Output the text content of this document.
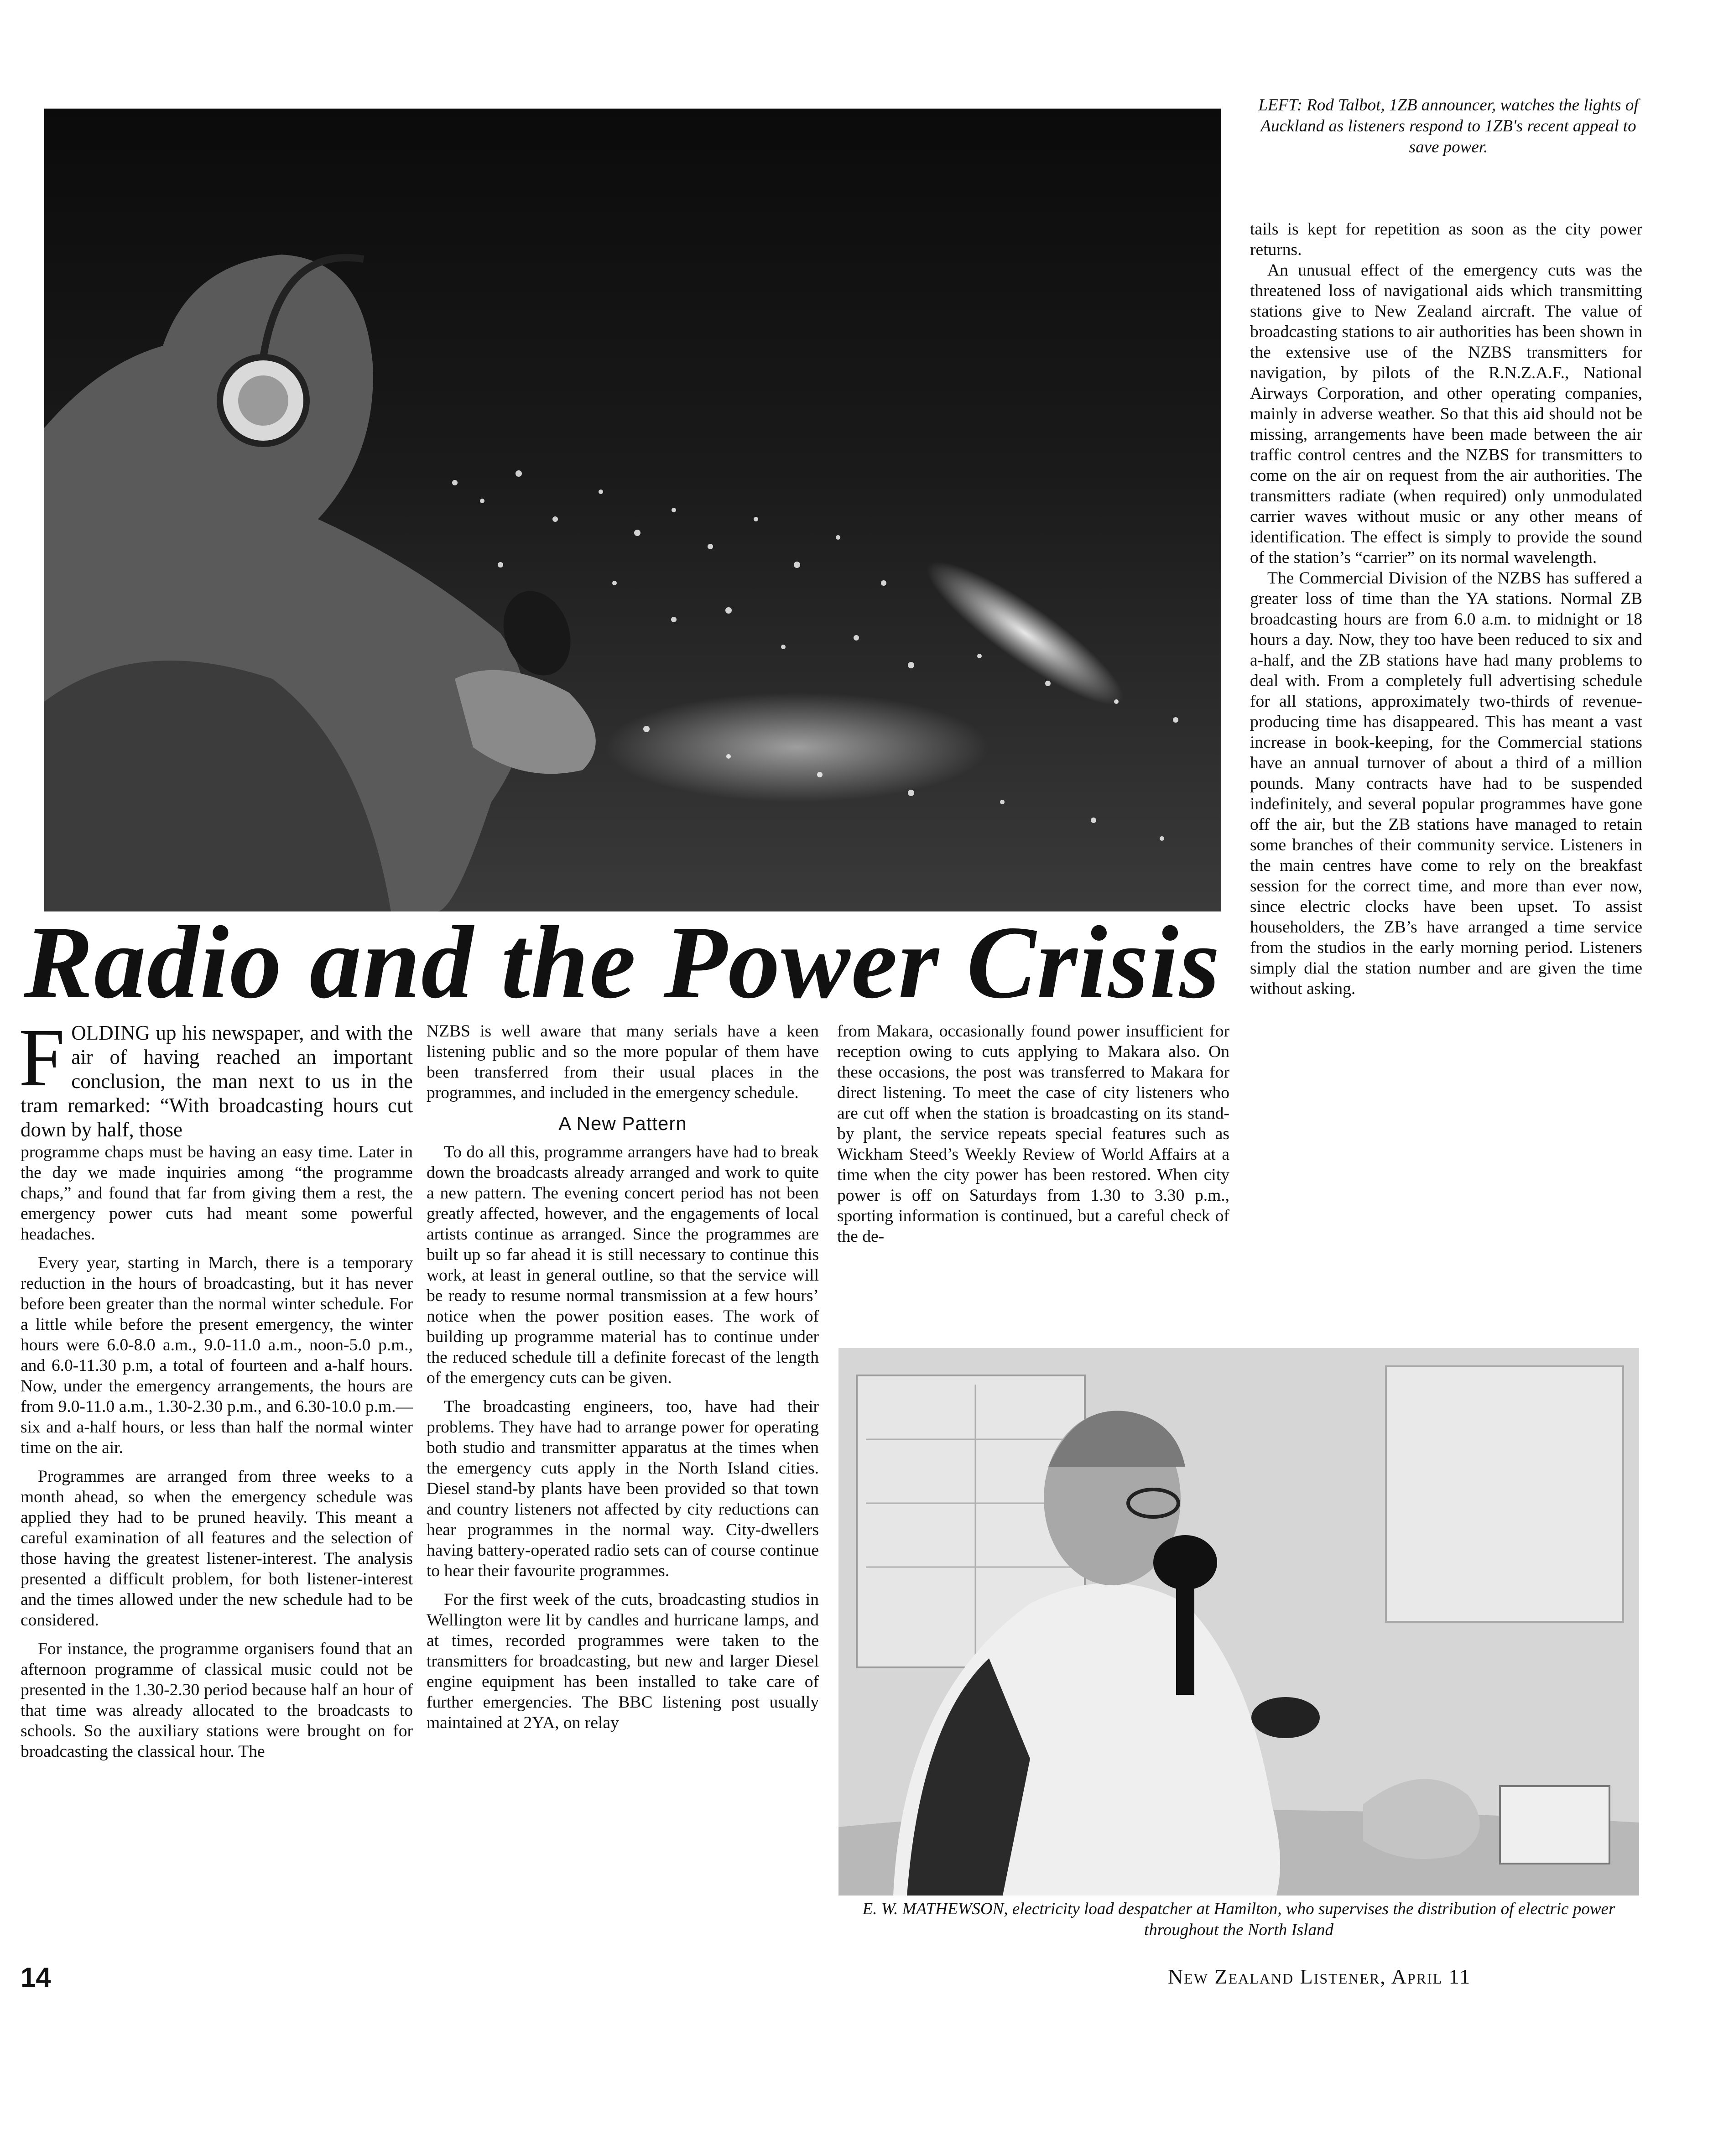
LEFT: Rod Talbot, 1ZB announcer, watches the lights of Auckland as listeners respond to 1ZB's recent appeal to save power.
Radio and the Power Crisis

FOLDING up his newspaper, and with the air of having reached an important conclusion, the man next to us in the tram remarked: “With broadcasting hours cut down by half, those

programme chaps must be having an easy time. Later in the day we made inquiries among “the programme chaps,” and found that far from giving them a rest, the emergency power cuts had meant some powerful headaches.

Every year, starting in March, there is a temporary reduction in the hours of broadcasting, but it has never before been greater than the normal winter schedule. For a little while before the present emergency, the winter hours were 6.0-8.0 a.m., 9.0-11.0 a.m., noon-5.0 p.m., and 6.0-11.30 p.m, a total of fourteen and a-half hours. Now, under the emergency arrangements, the hours are from 9.0-11.0 a.m., 1.30-2.30 p.m., and 6.30-10.0 p.m.—six and a-half hours, or less than half the normal winter time on the air.

Programmes are arranged from three weeks to a month ahead, so when the emergency schedule was applied they had to be pruned heavily. This meant a careful examination of all features and the selection of those having the greatest listener-interest. The analysis presented a difficult problem, for both listener-interest and the times allowed under the new schedule had to be considered.

For instance, the programme organisers found that an afternoon programme of classical music could not be presented in the 1.30-2.30 period because half an hour of that time was already allocated to the broadcasts to schools. So the auxiliary stations were brought on for broadcasting the classical hour. The

NZBS is well aware that many serials have a keen listening public and so the more popular of them have been transferred from their usual places in the programmes, and included in the emergency schedule.

A New Pattern

To do all this, programme arrangers have had to break down the broadcasts already arranged and work to quite a new pattern. The evening concert period has not been greatly affected, however, and the engagements of local artists continue as arranged. Since the programmes are built up so far ahead it is still necessary to continue this work, at least in general outline, so that the service will be ready to resume normal transmission at a few hours’ notice when the power position eases. The work of building up programme material has to continue under the reduced schedule till a definite forecast of the length of the emergency cuts can be given.

The broadcasting engineers, too, have had their problems. They have had to arrange power for operating both studio and transmitter apparatus at the times when the emergency cuts apply in the North Island cities. Diesel stand-by plants have been provided so that town and country listeners not affected by city reductions can hear programmes in the normal way. City-dwellers having battery-operated radio sets can of course continue to hear their favourite programmes.

For the first week of the cuts, broadcasting studios in Wellington were lit by candles and hurricane lamps, and at times, recorded programmes were taken to the transmitters for broadcasting, but new and larger Diesel engine equipment has been installed to take care of further emergencies. The BBC listening post usually maintained at 2YA, on relay

from Makara, occasionally found power insufficient for reception owing to cuts applying to Makara also. On these occasions, the post was transferred to Makara for direct listening. To meet the case of city listeners who are cut off when the station is broadcasting on its stand-by plant, the service repeats special features such as Wickham Steed’s Weekly Review of World Affairs at a time when the city power has been restored. When city power is off on Saturdays from 1.30 to 3.30 p.m., sporting information is continued, but a careful check of the de-

tails is kept for repetition as soon as the city power returns.

An unusual effect of the emergency cuts was the threatened loss of navigational aids which transmitting stations give to New Zealand aircraft. The value of broadcasting stations to air authorities has been shown in the extensive use of the NZBS transmitters for navigation, by pilots of the R.N.Z.A.F., National Airways Corporation, and other operating companies, mainly in adverse weather. So that this aid should not be missing, arrangements have been made between the air traffic control centres and the NZBS for transmitters to come on the air on request from the air authorities. The transmitters radiate (when required) only unmodulated carrier waves without music or any other means of identification. The effect is simply to provide the sound of the station’s “carrier” on its normal wavelength.

The Commercial Division of the NZBS has suffered a greater loss of time than the YA stations. Normal ZB broadcasting hours are from 6.0 a.m. to midnight or 18 hours a day. Now, they too have been reduced to six and a-half, and the ZB stations have had many problems to deal with. From a completely full advertising schedule for all stations, approximately two-thirds of revenue-producing time has disappeared. This has meant a vast increase in book-keeping, for the Commercial stations have an annual turnover of about a third of a million pounds. Many contracts have had to be suspended indefinitely, and several popular programmes have gone off the air, but the ZB stations have managed to retain some branches of their community service. Listeners in the main centres have come to rely on the breakfast session for the correct time, and more than ever now, since electric clocks have been upset. To assist householders, the ZB’s have arranged a time service from the studios in the early morning period. Listeners simply dial the station number and are given the time without asking.

E. W. MATHEWSON, electricity load despatcher at Hamilton, who supervises the distribution of electric power throughout the North Island
14	New Zealand Listener, April 11
